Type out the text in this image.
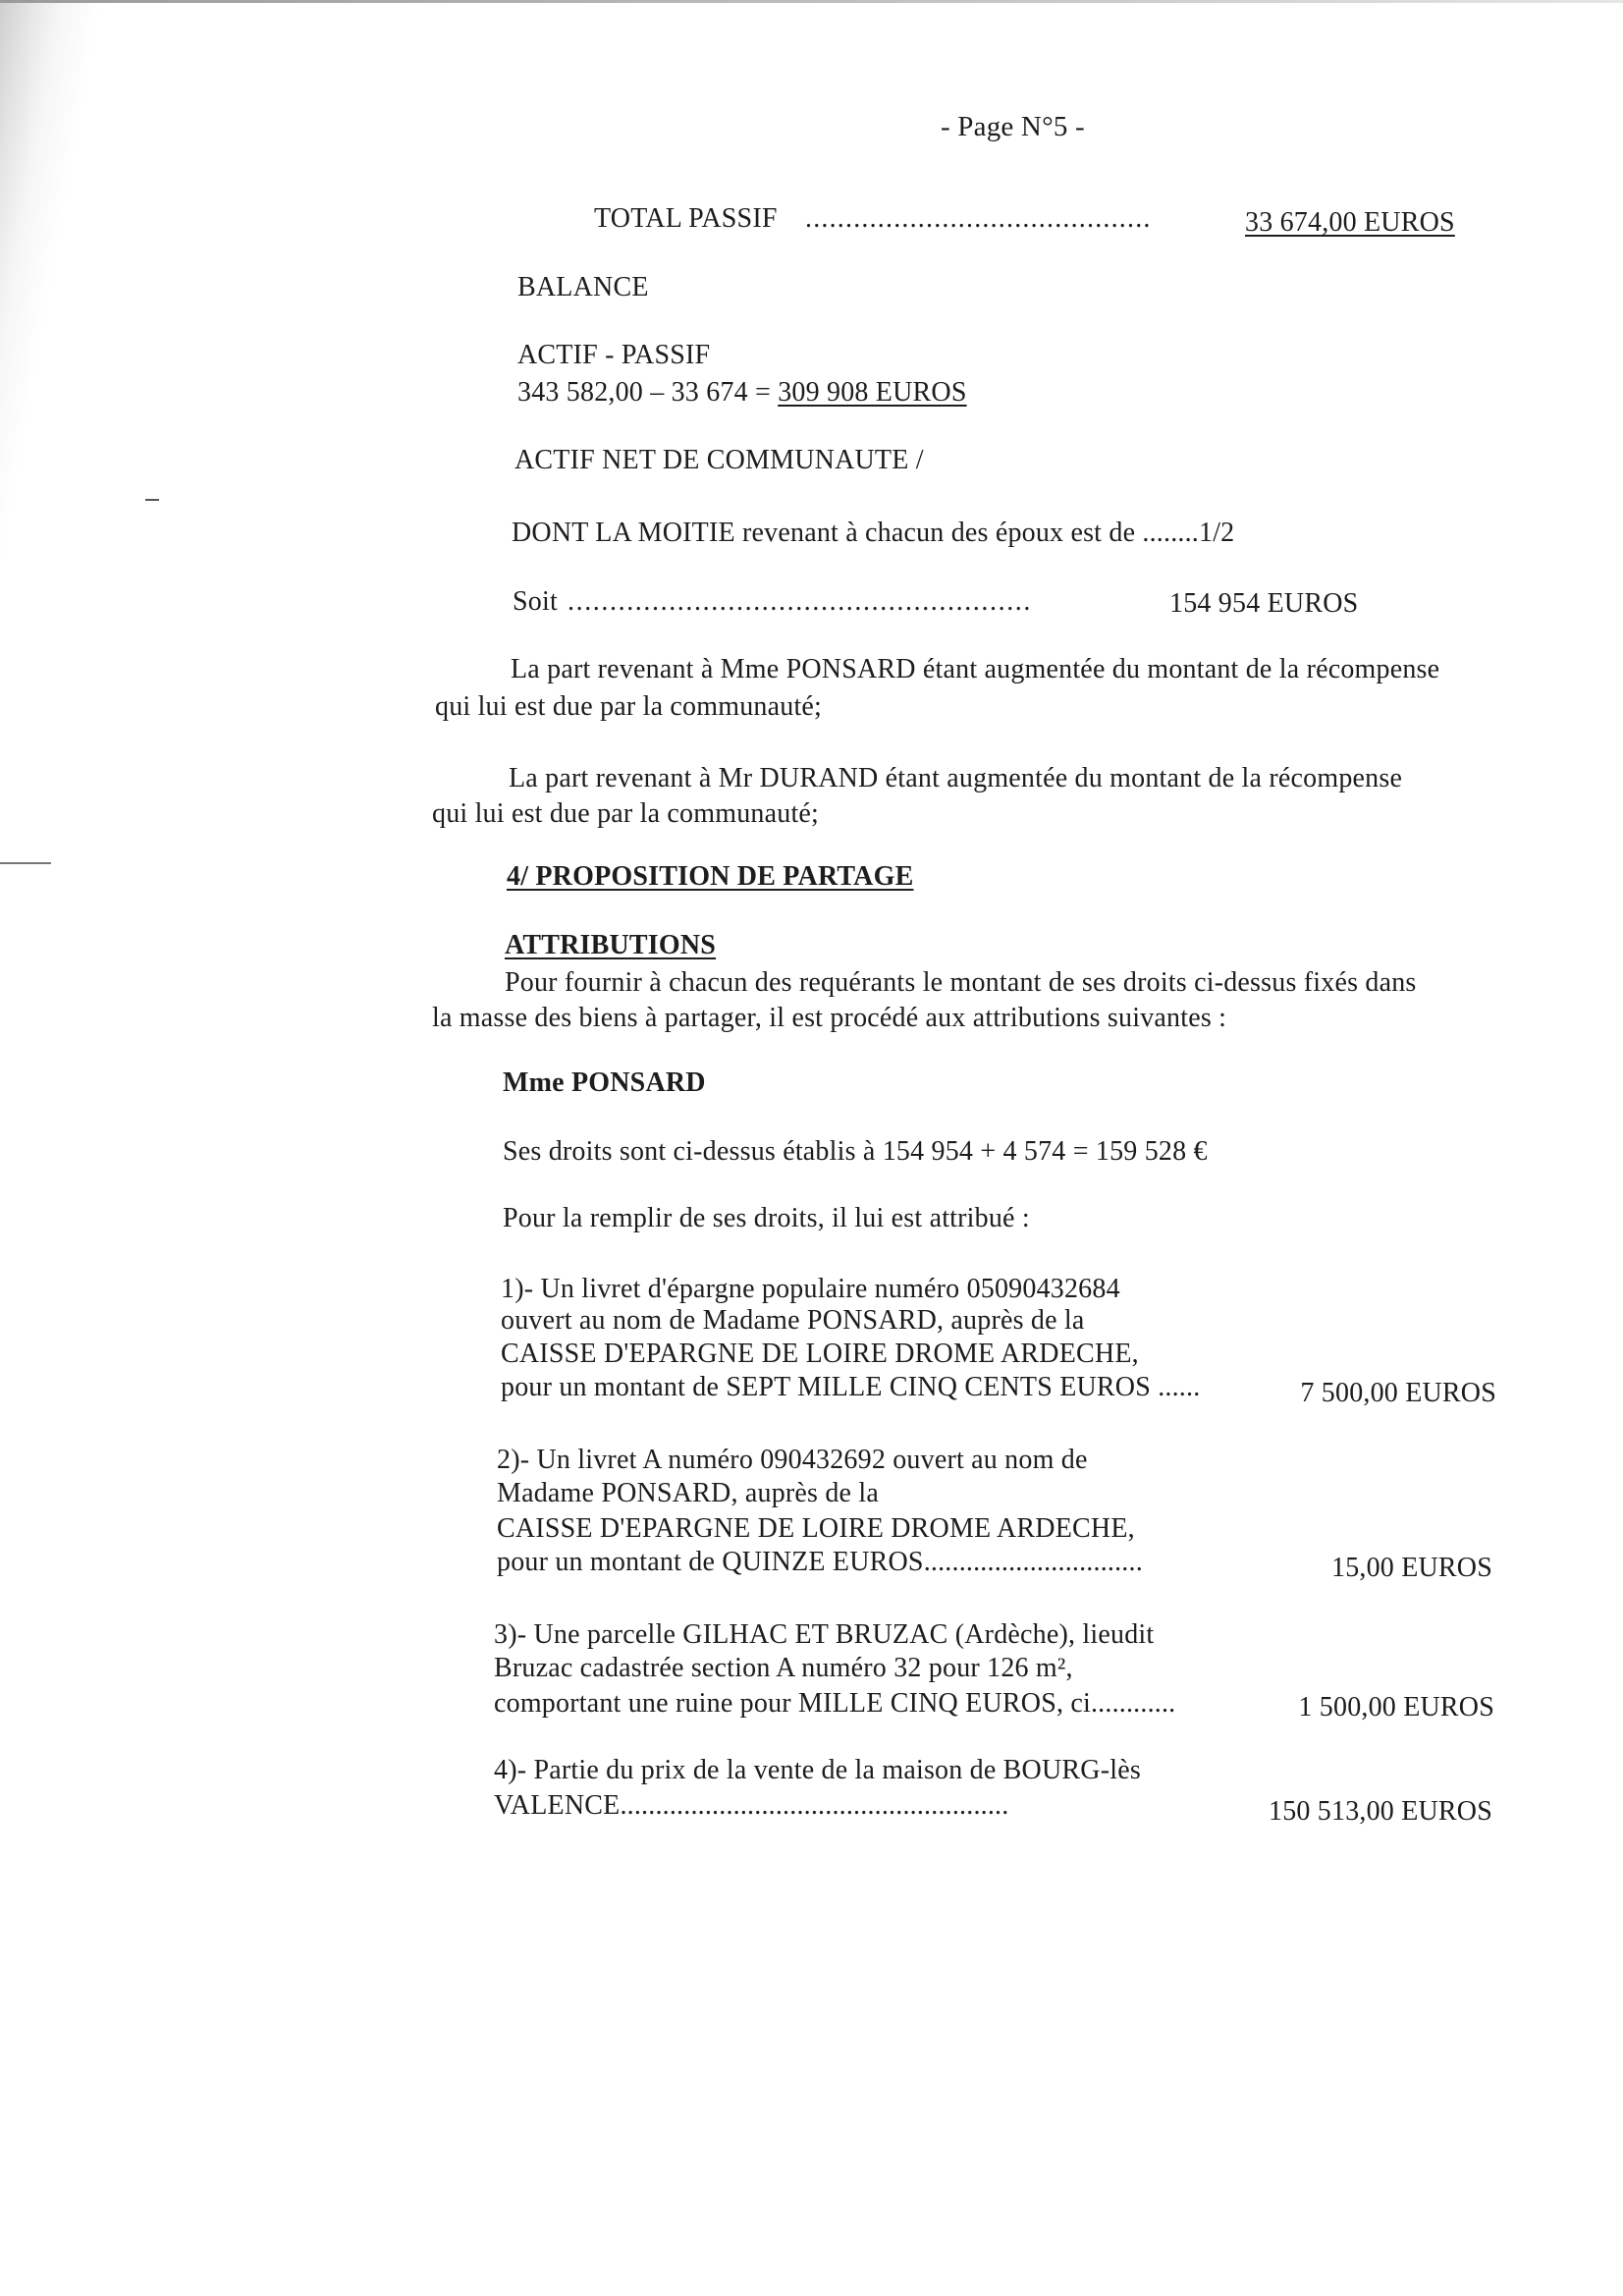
- Page N°5 -
TOTAL PASSIF ...........................................	33 674,00 EUROS
BALANCE
ACTIF - PASSIF
343 582,00 – 33 674 = 309 908 EUROS
ACTIF NET DE COMMUNAUTE /
DONT LA MOITIE revenant à chacun des époux est de ........1/2
Soit .......................................................	154 954 EUROS
La part revenant à Mme PONSARD étant augmentée du montant de la récompense
qui lui est due par la communauté;
La part revenant à Mr DURAND étant augmentée du montant de la récompense
qui lui est due par la communauté;
4/ PROPOSITION DE PARTAGE
ATTRIBUTIONS
Pour fournir à chacun des requérants le montant de ses droits ci-dessus fixés dans
la masse des biens à partager, il est procédé aux attributions suivantes :
Mme PONSARD
Ses droits sont ci-dessus établis à 154 954 + 4 574 = 159 528 €
Pour la remplir de ses droits, il lui est attribué :
1)- Un livret d'épargne populaire numéro 05090432684
ouvert au nom de Madame PONSARD, auprès de la
CAISSE D'EPARGNE DE LOIRE DROME ARDECHE,
pour un montant de SEPT MILLE CINQ CENTS EUROS ......	7 500,00 EUROS
2)- Un livret A numéro 090432692 ouvert au nom de
Madame PONSARD, auprès de la
CAISSE D'EPARGNE DE LOIRE DROME ARDECHE,
pour un montant de QUINZE EUROS...............................	15,00 EUROS
3)- Une parcelle GILHAC ET BRUZAC (Ardèche), lieudit
Bruzac cadastrée section A numéro 32 pour 126 m²,
comportant une ruine pour MILLE CINQ EUROS, ci............	1 500,00 EUROS
4)- Partie du prix de la vente de la maison de BOURG-lès
VALENCE.......................................................	150 513,00 EUROS
